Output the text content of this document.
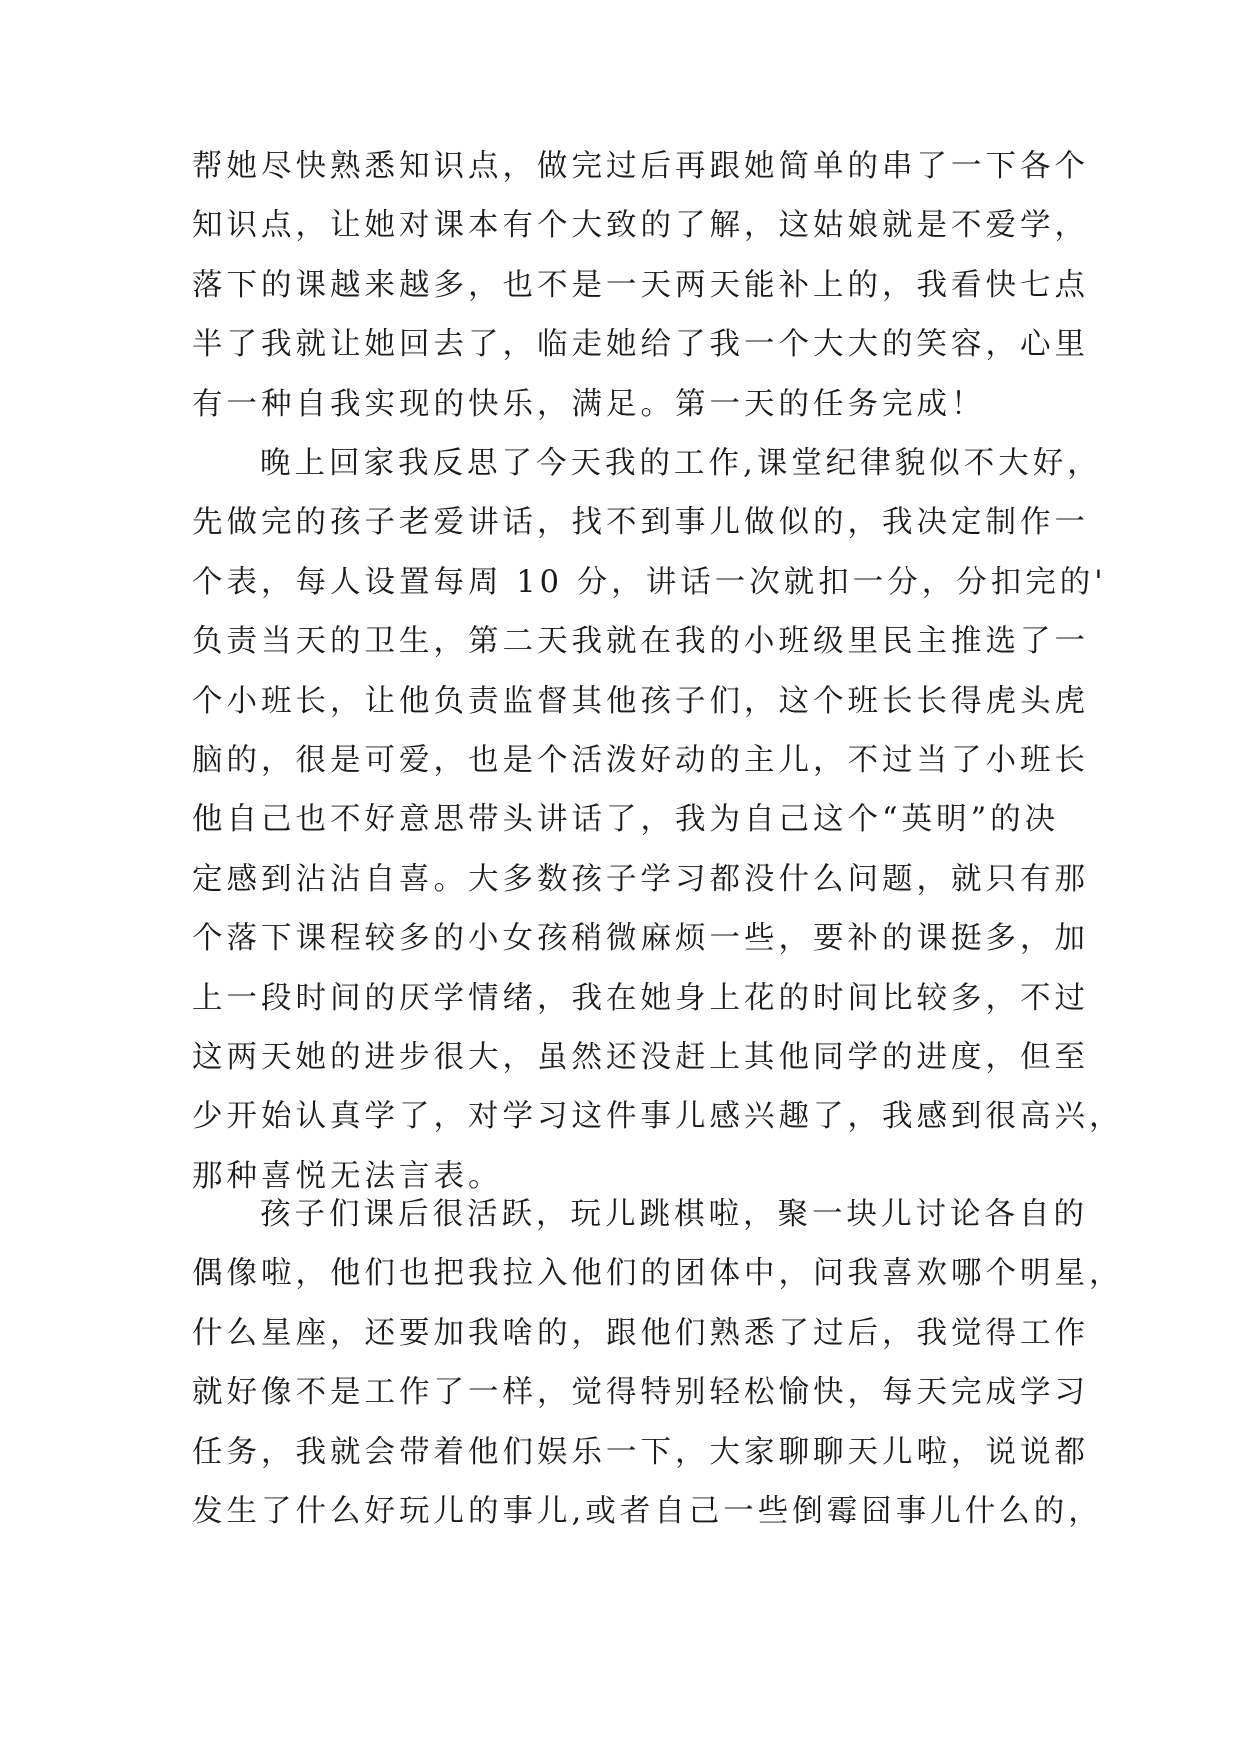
帮她尽快熟悉知识点，做完过后再跟她简单的串了一下各个
知识点，让她对课本有个大致的了解，这姑娘就是不爱学，
落下的课越来越多，也不是一天两天能补上的，我看快七点
半了我就让她回去了，临走她给了我一个大大的笑容，心里
有一种自我实现的快乐，满足。第一天的任务完成！
晚上回家我反思了今天我的工作,课堂纪律貌似不大好，
先做完的孩子老爱讲话，找不到事儿做似的，我决定制作一
个表，每人设置每周 10 分，讲话一次就扣一分，分扣完的'
负责当天的卫生，第二天我就在我的小班级里民主推选了一
个小班长，让他负责监督其他孩子们，这个班长长得虎头虎
脑的，很是可爱，也是个活泼好动的主儿，不过当了小班长
他自己也不好意思带头讲话了，我为自己这个“英明”的决
定感到沾沾自喜。大多数孩子学习都没什么问题，就只有那
个落下课程较多的小女孩稍微麻烦一些，要补的课挺多，加
上一段时间的厌学情绪，我在她身上花的时间比较多，不过
这两天她的进步很大，虽然还没赶上其他同学的进度，但至
少开始认真学了，对学习这件事儿感兴趣了，我感到很高兴，
那种喜悦无法言表。
孩子们课后很活跃，玩儿跳棋啦，聚一块儿讨论各自的
偶像啦，他们也把我拉入他们的团体中，问我喜欢哪个明星，
什么星座，还要加我啥的，跟他们熟悉了过后，我觉得工作
就好像不是工作了一样，觉得特别轻松愉快，每天完成学习
任务，我就会带着他们娱乐一下，大家聊聊天儿啦，说说都
发生了什么好玩儿的事儿,或者自己一些倒霉囧事儿什么的，
